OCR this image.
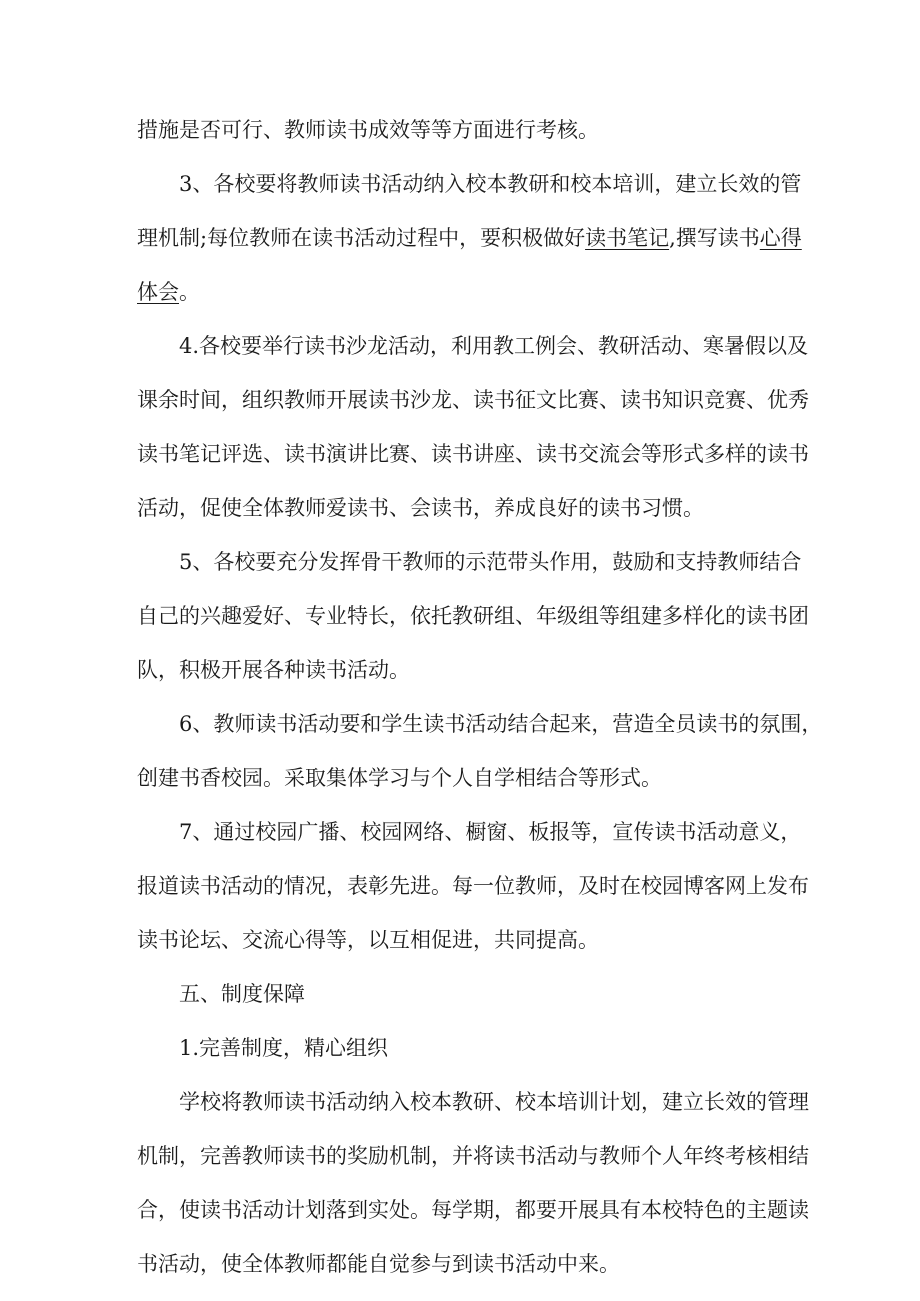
措施是否可行、教师读书成效等等方面进行考核。
3、各校要将教师读书活动纳入校本教研和校本培训，建立长效的管
理机制;每位教师在读书活动过程中，要积极做好读书笔记,撰写读书心得
体会。
4.各校要举行读书沙龙活动，利用教工例会、教研活动、寒暑假以及
课余时间，组织教师开展读书沙龙、读书征文比赛、读书知识竞赛、优秀
读书笔记评选、读书演讲比赛、读书讲座、读书交流会等形式多样的读书
活动，促使全体教师爱读书、会读书，养成良好的读书习惯。
5、各校要充分发挥骨干教师的示范带头作用，鼓励和支持教师结合
自己的兴趣爱好、专业特长，依托教研组、年级组等组建多样化的读书团
队，积极开展各种读书活动。
6、教师读书活动要和学生读书活动结合起来，营造全员读书的氛围，
创建书香校园。采取集体学习与个人自学相结合等形式。
7、通过校园广播、校园网络、橱窗、板报等，宣传读书活动意义，
报道读书活动的情况，表彰先进。每一位教师，及时在校园博客网上发布
读书论坛、交流心得等，以互相促进，共同提高。
五、制度保障
1.完善制度，精心组织
学校将教师读书活动纳入校本教研、校本培训计划，建立长效的管理
机制，完善教师读书的奖励机制，并将读书活动与教师个人年终考核相结
合，使读书活动计划落到实处。每学期，都要开展具有本校特色的主题读
书活动，使全体教师都能自觉参与到读书活动中来。
